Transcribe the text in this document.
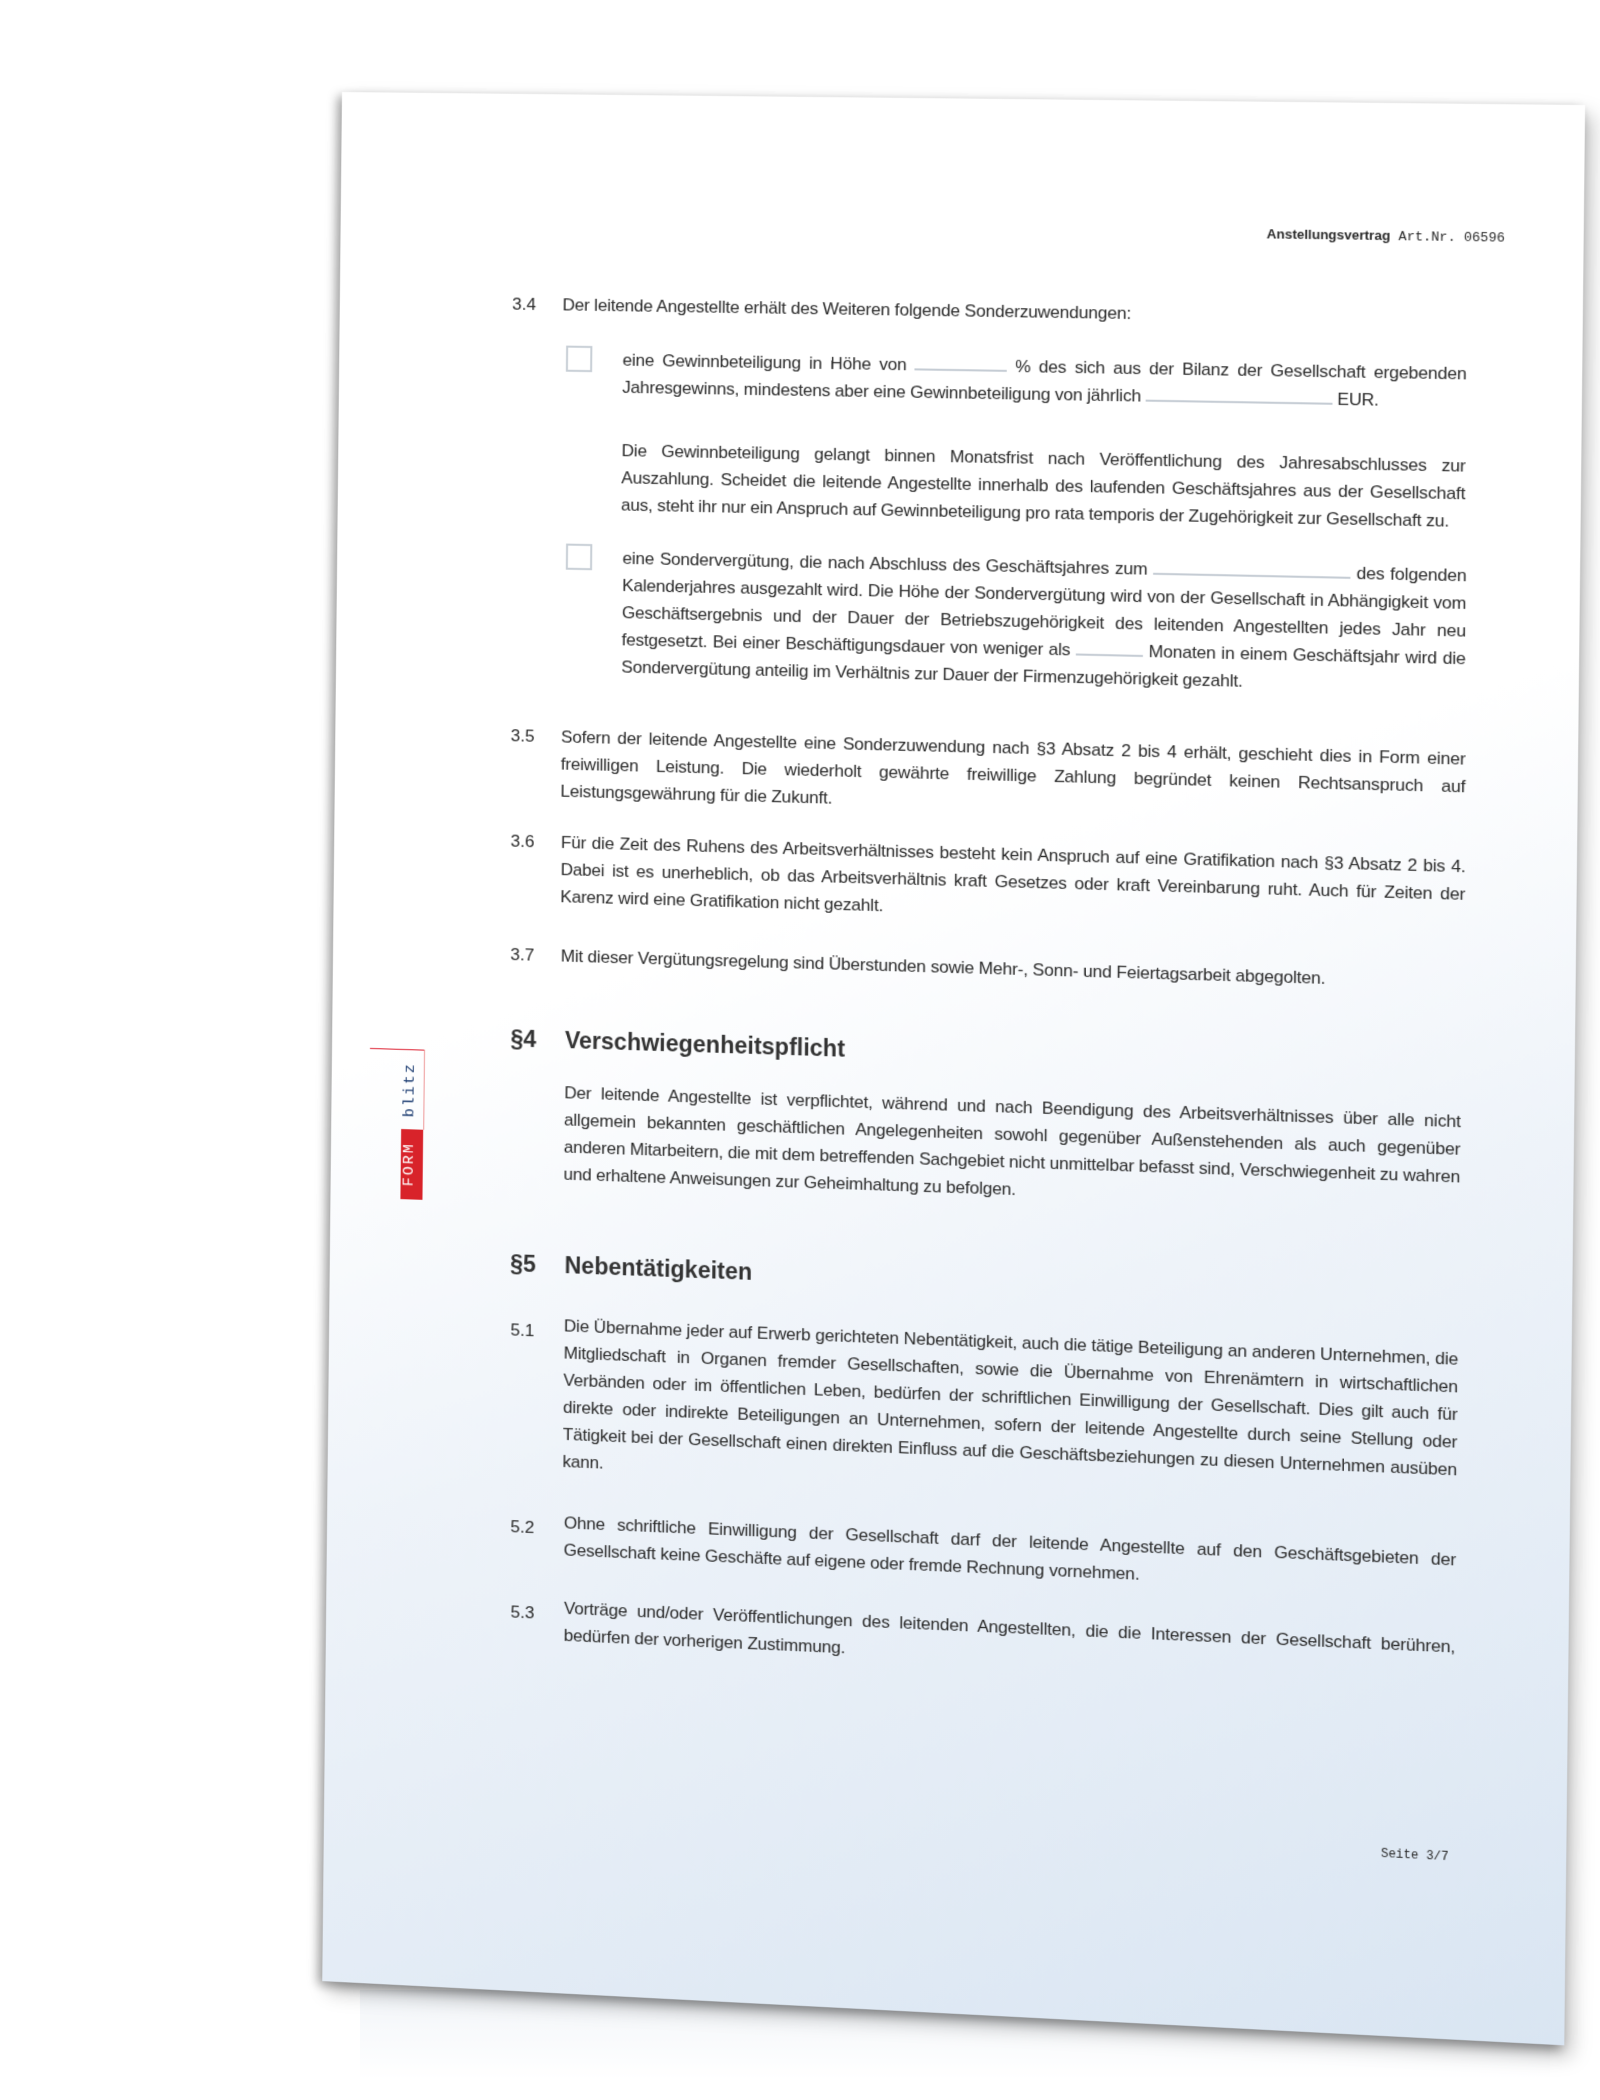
Anstellungsvertrag Art.Nr. 06596
blitz
FORM
3.4 Der leitende Angestellte erhält des Weiteren folgende Sonderzuwendungen:
eine Gewinnbeteiligung in Höhe von	% des sich aus der Bilanz der Gesellschaft ergebenden Jahresgewinns, mindestens aber eine Gewinnbeteiligung von jährlich	EUR.
Die Gewinnbeteiligung gelangt binnen Monatsfrist nach Veröffentlichung des Jahresabschlusses zur Auszahlung. Scheidet die leitende Angestellte innerhalb des laufenden Geschäftsjahres aus der Gesellschaft aus, steht ihr nur ein Anspruch auf Gewinnbeteiligung pro rata temporis der Zugehörigkeit zur Gesellschaft zu.
eine Sondervergütung, die nach Abschluss des Geschäftsjahres zum	des folgenden Kalenderjahres ausgezahlt wird. Die Höhe der Sondervergütung wird von der Gesellschaft in Abhängigkeit vom Geschäftsergebnis und der Dauer der Betriebszugehörigkeit des leitenden Angestellten jedes Jahr neu festgesetzt. Bei einer Beschäftigungsdauer von weniger als	Monaten in einem Geschäftsjahr wird die Sondervergütung anteilig im Verhältnis zur Dauer der Firmenzugehörigkeit gezahlt.
3.5 Sofern der leitende Angestellte eine Sonderzuwendung nach §3 Absatz 2 bis 4 erhält, geschieht dies in Form einer freiwilligen Leistung. Die wiederholt gewährte freiwillige Zahlung begründet keinen Rechtsanspruch auf Leistungsgewährung für die Zukunft.
3.6 Für die Zeit des Ruhens des Arbeitsverhältnisses besteht kein Anspruch auf eine Gratifikation nach §3 Absatz 2 bis 4. Dabei ist es unerheblich, ob das Arbeitsverhältnis kraft Gesetzes oder kraft Vereinbarung ruht. Auch für Zeiten der Karenz wird eine Gratifikation nicht gezahlt.
3.7 Mit dieser Vergütungsregelung sind Überstunden sowie Mehr-, Sonn- und Feiertagsarbeit abgegolten.
§4 Verschwiegenheitspflicht
Der leitende Angestellte ist verpflichtet, während und nach Beendigung des Arbeitsverhältnisses über alle nicht allgemein bekannten geschäftlichen Angelegenheiten sowohl gegenüber Außenstehenden als auch gegenüber anderen Mitarbeitern, die mit dem betreffenden Sachgebiet nicht unmittelbar befasst sind, Verschwiegenheit zu wahren und erhaltene Anweisungen zur Geheimhaltung zu befolgen.
§5 Nebentätigkeiten
5.1 Die Übernahme jeder auf Erwerb gerichteten Nebentätigkeit, auch die tätige Beteiligung an anderen Unternehmen, die Mitgliedschaft in Organen fremder Gesellschaften, sowie die Übernahme von Ehrenämtern in wirtschaftlichen Verbänden oder im öffentlichen Leben, bedürfen der schriftlichen Einwilligung der Gesellschaft. Dies gilt auch für direkte oder indirekte Beteiligungen an Unternehmen, sofern der leitende Angestellte durch seine Stellung oder Tätigkeit bei der Gesellschaft einen direkten Einfluss auf die Geschäftsbeziehungen zu diesen Unternehmen ausüben kann.
5.2 Ohne schriftliche Einwilligung der Gesellschaft darf der leitende Angestellte auf den Geschäftsgebieten der Gesellschaft keine Geschäfte auf eigene oder fremde Rechnung vornehmen.
5.3 Vorträge und/oder Veröffentlichungen des leitenden Angestellten, die die Interessen der Gesellschaft berühren, bedürfen der vorherigen Zustimmung.
Seite 3/7
